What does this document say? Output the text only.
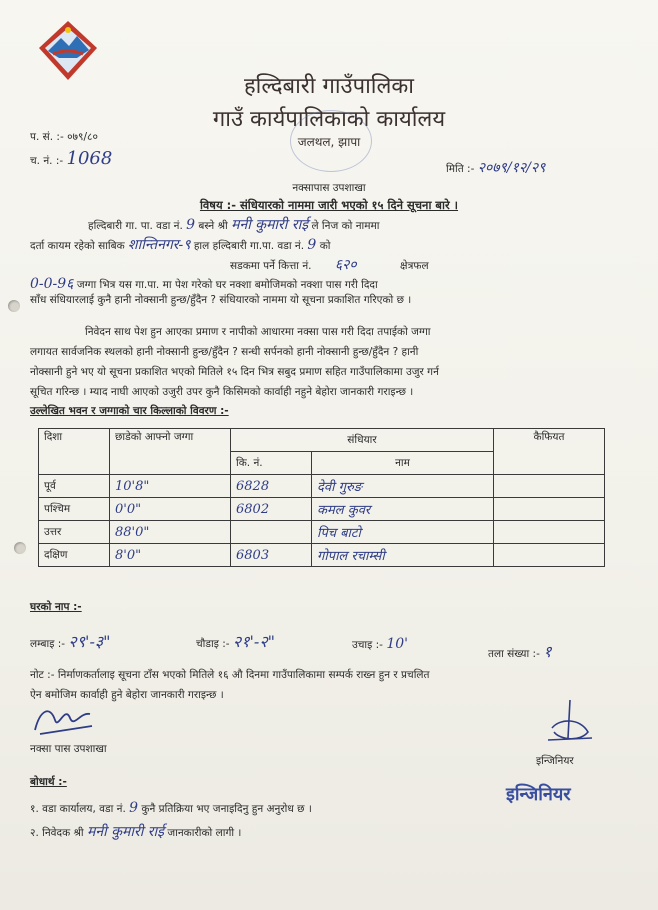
हल्दिबारी गाउँपालिका
गाउँ कार्यपालिकाको कार्यालय
जलथल, झापा
प. सं. :- ०७९/८०
च. नं. :- 1068	मिति :- २०७९/१२/२९
नक्सापास उपशाखा
विषय :- संधियारको नाममा जारी भएको १५ दिने सूचना बारे ।
हल्दिबारी गा. पा. वडा नं. 9 बस्ने श्री मनी कुमारी राई ले निज को नाममा
दर्ता कायम रहेको साबिक शान्तिनगर-९ हाल हल्दिबारी गा.पा. वडा नं. 9 को
सडकमा पर्ने कित्ता नं. ६२०	क्षेत्रफल
0-0-9६ जग्गा भित्र यस गा.पा. मा पेश गरेको घर नक्शा बमोजिमको नक्शा पास गरी दिदा
साँध संधियारलाई कुनै हानी नोक्सानी हुन्छ/हुँदैन ? संधियारको नाममा यो सूचना प्रकाशित गरिएको छ ।
निवेदन साथ पेश हुन आएका प्रमाण र नापीको आधारमा नक्सा पास गरी दिदा तपाईको जग्गा
लगायत सार्वजनिक स्थलको हानी नोक्सानी हुन्छ/हुँदैन ? सन्धी सर्पनको हानी नोक्सानी हुन्छ/हुँदैन ? हानी
नोक्सानी हुने भए यो सूचना प्रकाशित भएको मितिले १५ दिन भित्र सबुद प्रमाण सहित गाउँपालिकामा उजुर गर्न
सूचित गरिन्छ । म्याद नाघी आएको उजुरी उपर कुनै किसिमको कार्वाही नहुने बेहोरा जानकारी गराइन्छ ।
उल्लेखित भवन र जग्गाको चार किल्लाको विवरण :-
दिशा	छाडेको आफ्नो जग्गा	संधियार		कैफियत
		कि. नं.	नाम	
पूर्व	10'8"	6828	देवी गुरुङ	
पश्चिम	0'0"	6802	कमल कुवर	
उत्तर	88'0"		पिच बाटो	
दक्षिण	8'0"	6803	गोपाल रचाम्सी	
घरको नाप :-
लम्बाइ :- २९'-३"	चौडाइ :- २१'-२"	उचाइ :- 10'
तला संख्या :- १
नोट :- निर्माणकर्तालाइ सूचना टाँस भएको मितिले १६ औ दिनमा गाउँपालिकामा सम्पर्क राख्न हुन र प्रचलित
ऐन बमोजिम कार्वाही हुने बेहोरा जानकारी गराइन्छ ।
नक्सा पास उपशाखा
इन्जिनियर
इन्जिनियर
बोधार्थ :-
१. वडा कार्यालय, वडा नं. 9 कुनै प्रतिक्रिया भए जनाइदिनु हुन अनुरोध छ ।
२. निवेदक श्री मनी कुमारी राई जानकारीको लागी ।
